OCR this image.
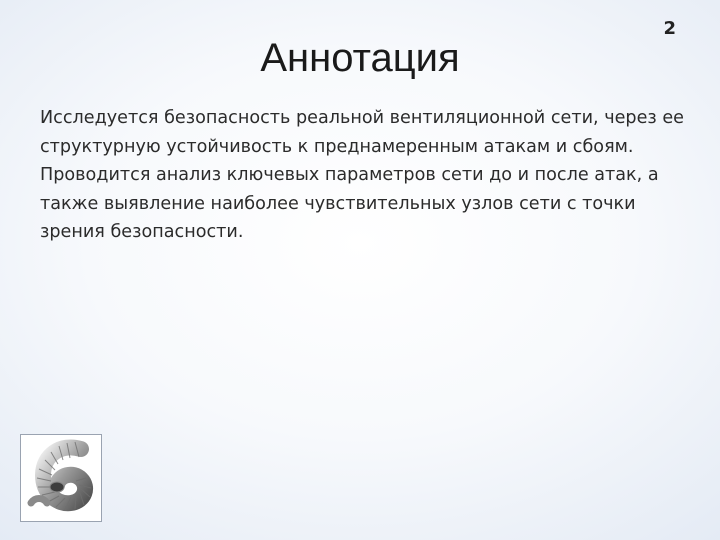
2
Аннотация

Исследуется безопасность реальной вентиляционной сети, через ее структурную устойчивость к преднамеренным атакам и сбоям. Проводится анализ ключевых параметров сети до и после атак, а также выявление наиболее чувствительных узлов сети с точки зрения безопасности.
